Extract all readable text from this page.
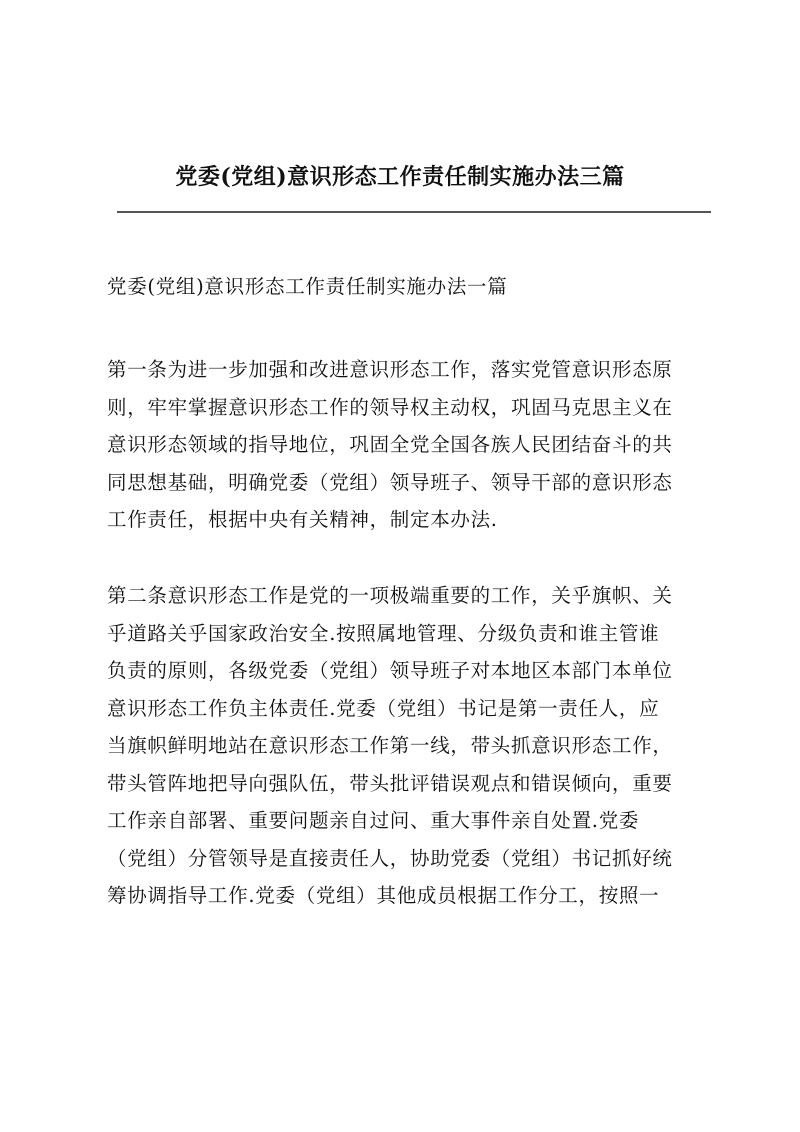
党委(党组)意识形态工作责任制实施办法三篇
党委(党组)意识形态工作责任制实施办法一篇
第一条为进一步加强和改进意识形态工作，落实党管意识形态原
则，牢牢掌握意识形态工作的领导权主动权，巩固马克思主义在
意识形态领域的指导地位，巩固全党全国各族人民团结奋斗的共
同思想基础，明确党委（党组）领导班子、领导干部的意识形态
工作责任，根据中央有关精神，制定本办法.
第二条意识形态工作是党的一项极端重要的工作，关乎旗帜、关
乎道路关乎国家政治安全.按照属地管理、分级负责和谁主管谁
负责的原则，各级党委（党组）领导班子对本地区本部门本单位
意识形态工作负主体责任.党委（党组）书记是第一责任人，应
当旗帜鲜明地站在意识形态工作第一线，带头抓意识形态工作，
带头管阵地把导向强队伍，带头批评错误观点和错误倾向，重要
工作亲自部署、重要问题亲自过问、重大事件亲自处置.党委
（党组）分管领导是直接责任人，协助党委（党组）书记抓好统
筹协调指导工作.党委（党组）其他成员根据工作分工，按照一
